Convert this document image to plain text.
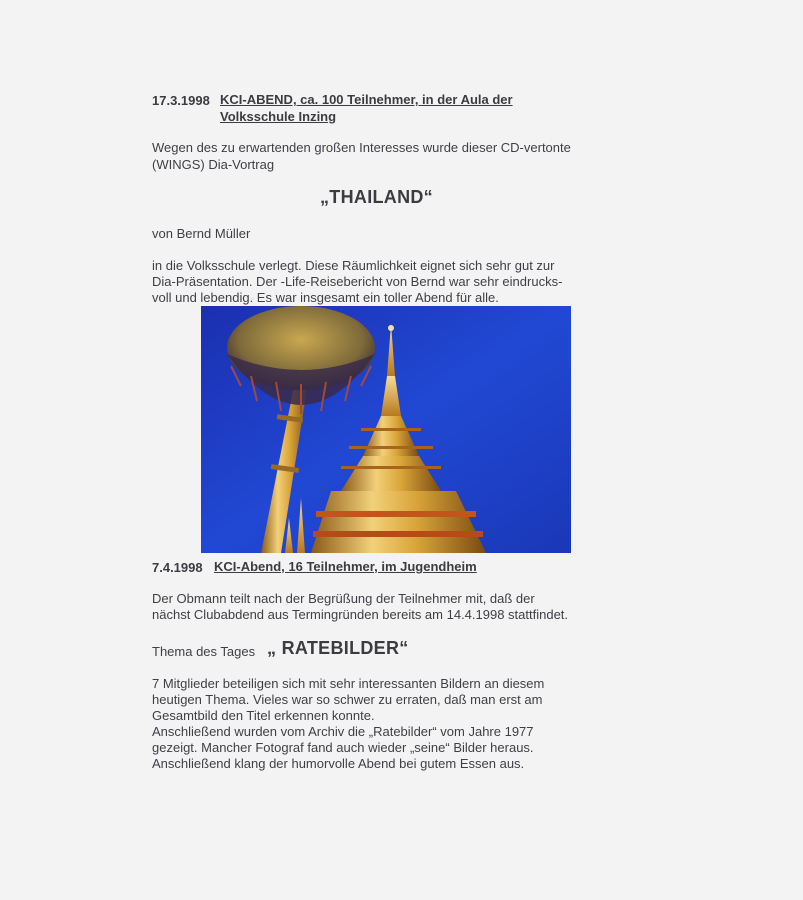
17.3.1998 KCI-ABEND, ca. 100 Teilnehmer, in der Aula der
Volksschule Inzing
Wegen des zu erwartenden großen Interesses wurde dieser CD-vertonte
(WINGS) Dia-Vortrag
„THAILAND“
von Bernd Müller
in die Volksschule verlegt. Diese Räumlichkeit eignet sich sehr gut zur
Dia-Präsentation. Der -Life-Reisebericht von Bernd war sehr eindrucks-
voll und lebendig. Es war insgesamt ein toller Abend für alle.
7.4.1998 KCI-Abend, 16 Teilnehmer, im Jugendheim
Der Obmann teilt nach der Begrüßung der Teilnehmer mit, daß der
nächst Clubabdend aus Termingründen bereits am 14.4.1998 stattfindet.
Thema des Tages „ RATEBILDER“
7 Mitglieder beteiligen sich mit sehr interessanten Bildern an diesem
heutigen Thema. Vieles war so schwer zu erraten, daß man erst am
Gesamtbild den Titel erkennen konnte.
Anschließend wurden vom Archiv die „Ratebilder“ vom Jahre 1977
gezeigt. Mancher Fotograf fand auch wieder „seine“ Bilder heraus.
Anschließend klang der humorvolle Abend bei gutem Essen aus.
